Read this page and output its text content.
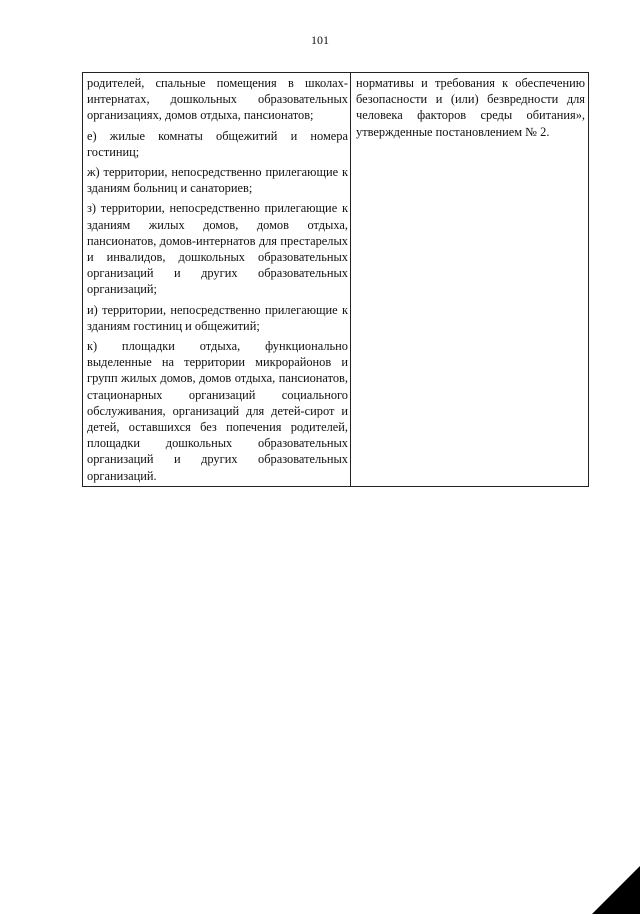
101

родителей, спальные помещения в школах-интернатах, дошкольных образовательных организациях, домов отдыха, пансионатов;

е) жилые комнаты общежитий и номера гостиниц;

ж) территории, непосредственно прилегающие к зданиям больниц и санаториев;

з) территории, непосредственно прилегающие к зданиям жилых домов, домов отдыха, пансионатов, домов-интернатов для престарелых и инвалидов, дошкольных образовательных организаций и других образовательных организаций;

и) территории, непосредственно прилегающие к зданиям гостиниц и общежитий;

к) площадки отдыха, функционально выделенные на территории микрорайонов и групп жилых домов, домов отдыха, пансионатов, стационарных организаций социального обслуживания, организаций для детей-сирот и детей, оставшихся без попечения родителей, площадки дошкольных образовательных организаций и других образовательных организаций.

нормативы и требования к обеспечению безопасности и (или) безвредности для человека факторов среды обитания», утвержденные постановлением № 2.
